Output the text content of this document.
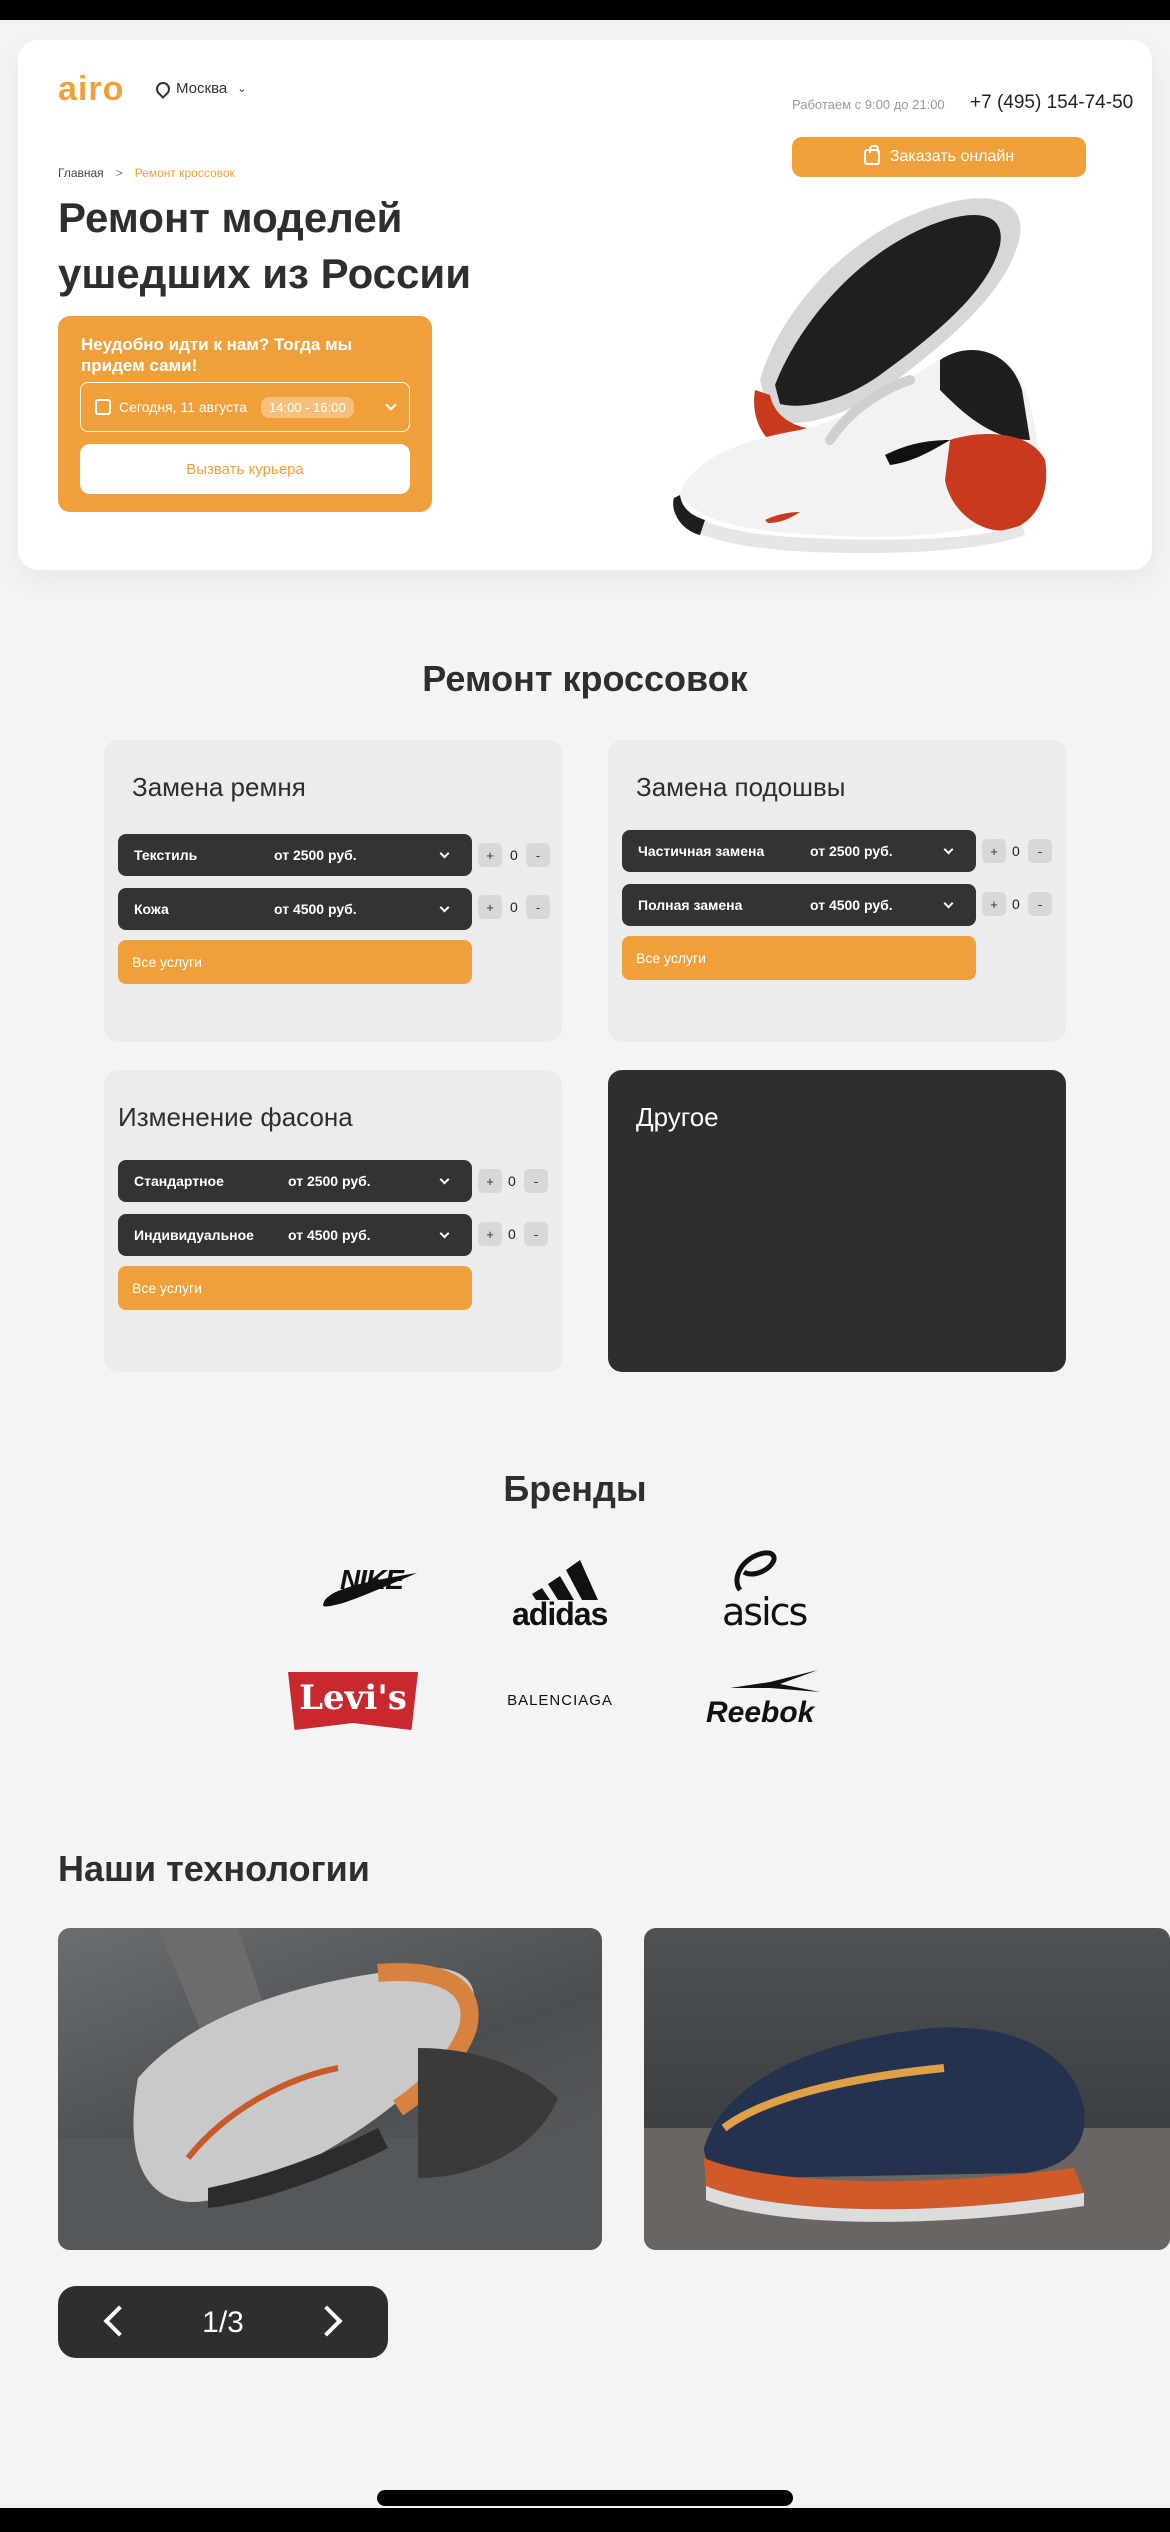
airo	Москва ⌄
Работаем с 9:00 до 21:00 +7 (495) 154-74-50
Заказать онлайн
Главная > Ремонт кроссовок
Ремонт моделей
ушедших из России
Неудобно идти к нам? Тогда мы придем сами!
Сегодня, 11 августа	14:00 - 16:00
Вызвать курьера
Ремонт кроссовок
Замена ремня
Текстиль	от 2500 руб.	+	0	-
Кожа	от 4500 руб.	+	0	-
Все услуги
Замена подошвы
Частичная замена	от 2500 руб.	+	0	-
Полная замена	от 4500 руб.	+	0	-
Все услуги
Изменение фасона
Стандартное	от 2500 руб.	+	0	-
Индивидуальное от 4500 руб.	+	0	-
Все услуги
Другое
Бренды
NIKE
adidas	asics
Levi's	BALENCIAGA	Reebok
Наши технологии
1/3
